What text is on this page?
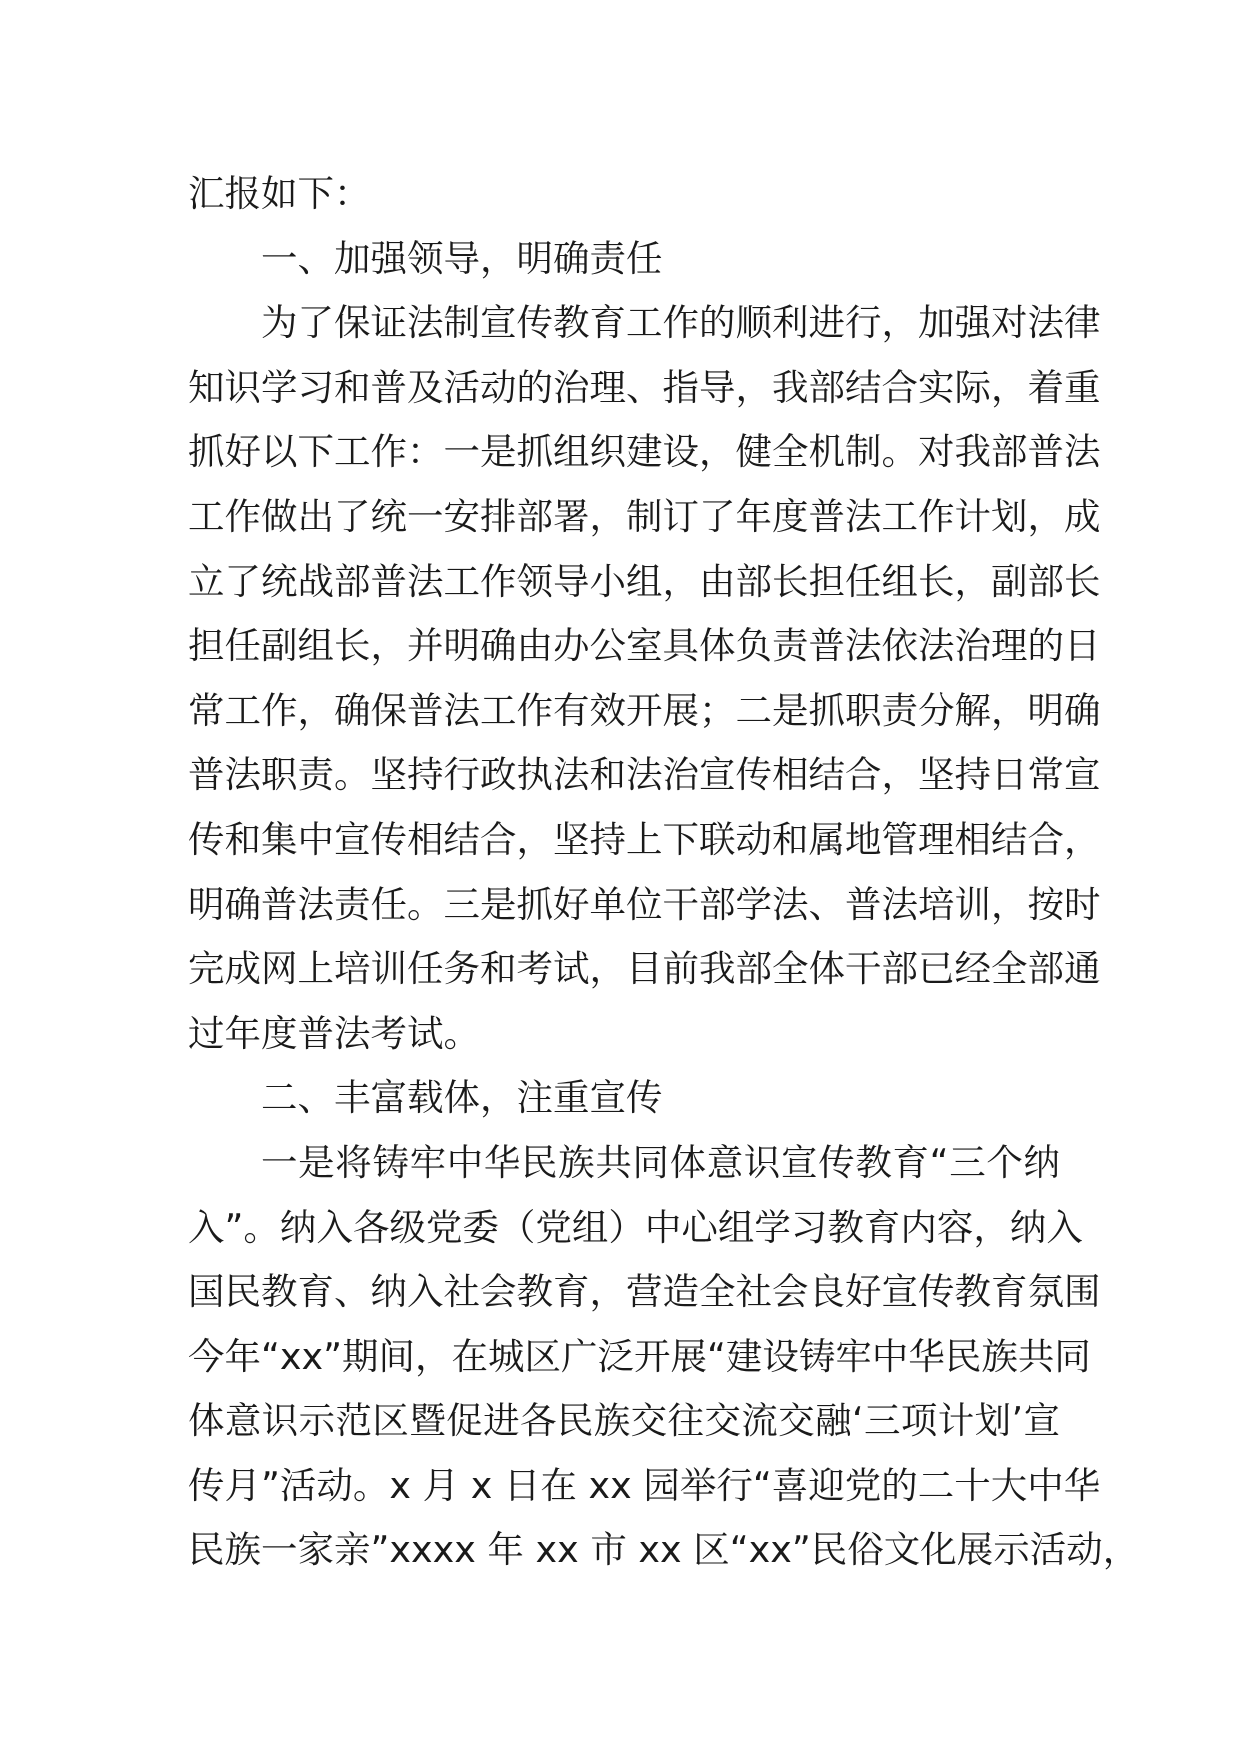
汇报如下：

一、加强领导，明确责任

为了保证法制宣传教育工作的顺利进行，加强对法律
知识学习和普及活动的治理、指导，我部结合实际，着重
抓好以下工作：一是抓组织建设，健全机制。对我部普法
工作做出了统一安排部署，制订了年度普法工作计划，成
立了统战部普法工作领导小组，由部长担任组长，副部长
担任副组长，并明确由办公室具体负责普法依法治理的日
常工作，确保普法工作有效开展；二是抓职责分解，明确
普法职责。坚持行政执法和法治宣传相结合，坚持日常宣
传和集中宣传相结合，坚持上下联动和属地管理相结合，
明确普法责任。三是抓好单位干部学法、普法培训，按时
完成网上培训任务和考试，目前我部全体干部已经全部通
过年度普法考试。

二、丰富载体，注重宣传

一是将铸牢中华民族共同体意识宣传教育“三个纳
入”。纳入各级党委（党组）中心组学习教育内容，纳入
国民教育、纳入社会教育，营造全社会良好宣传教育氛围
今年“xx”期间，在城区广泛开展“建设铸牢中华民族共同
体意识示范区暨促进各民族交往交流交融‘三项计划’宣
传月”活动。x 月 x 日在 xx 园举行“喜迎党的二十大中华
民族一家亲”xxxx 年 xx 市 xx 区“xx”民俗文化展示活动，
